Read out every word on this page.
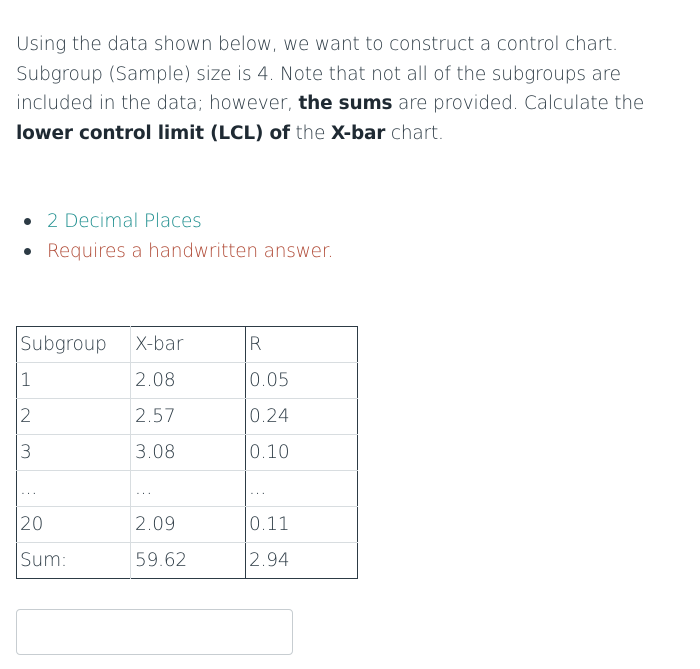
Using the data shown below, we want to construct a control chart. Subgroup (Sample) size is 4. Note that not all of the subgroups are included in the data; however, the sums are provided. Calculate the lower control limit (LCL) of the X-bar chart.
2 Decimal Places
Requires a handwritten answer.
Subgroup	X-bar	R
1	2.08	0.05
2	2.57	0.24
3	3.08	0.10
...	...	...
20	2.09	0.11
Sum:	59.62	2.94
